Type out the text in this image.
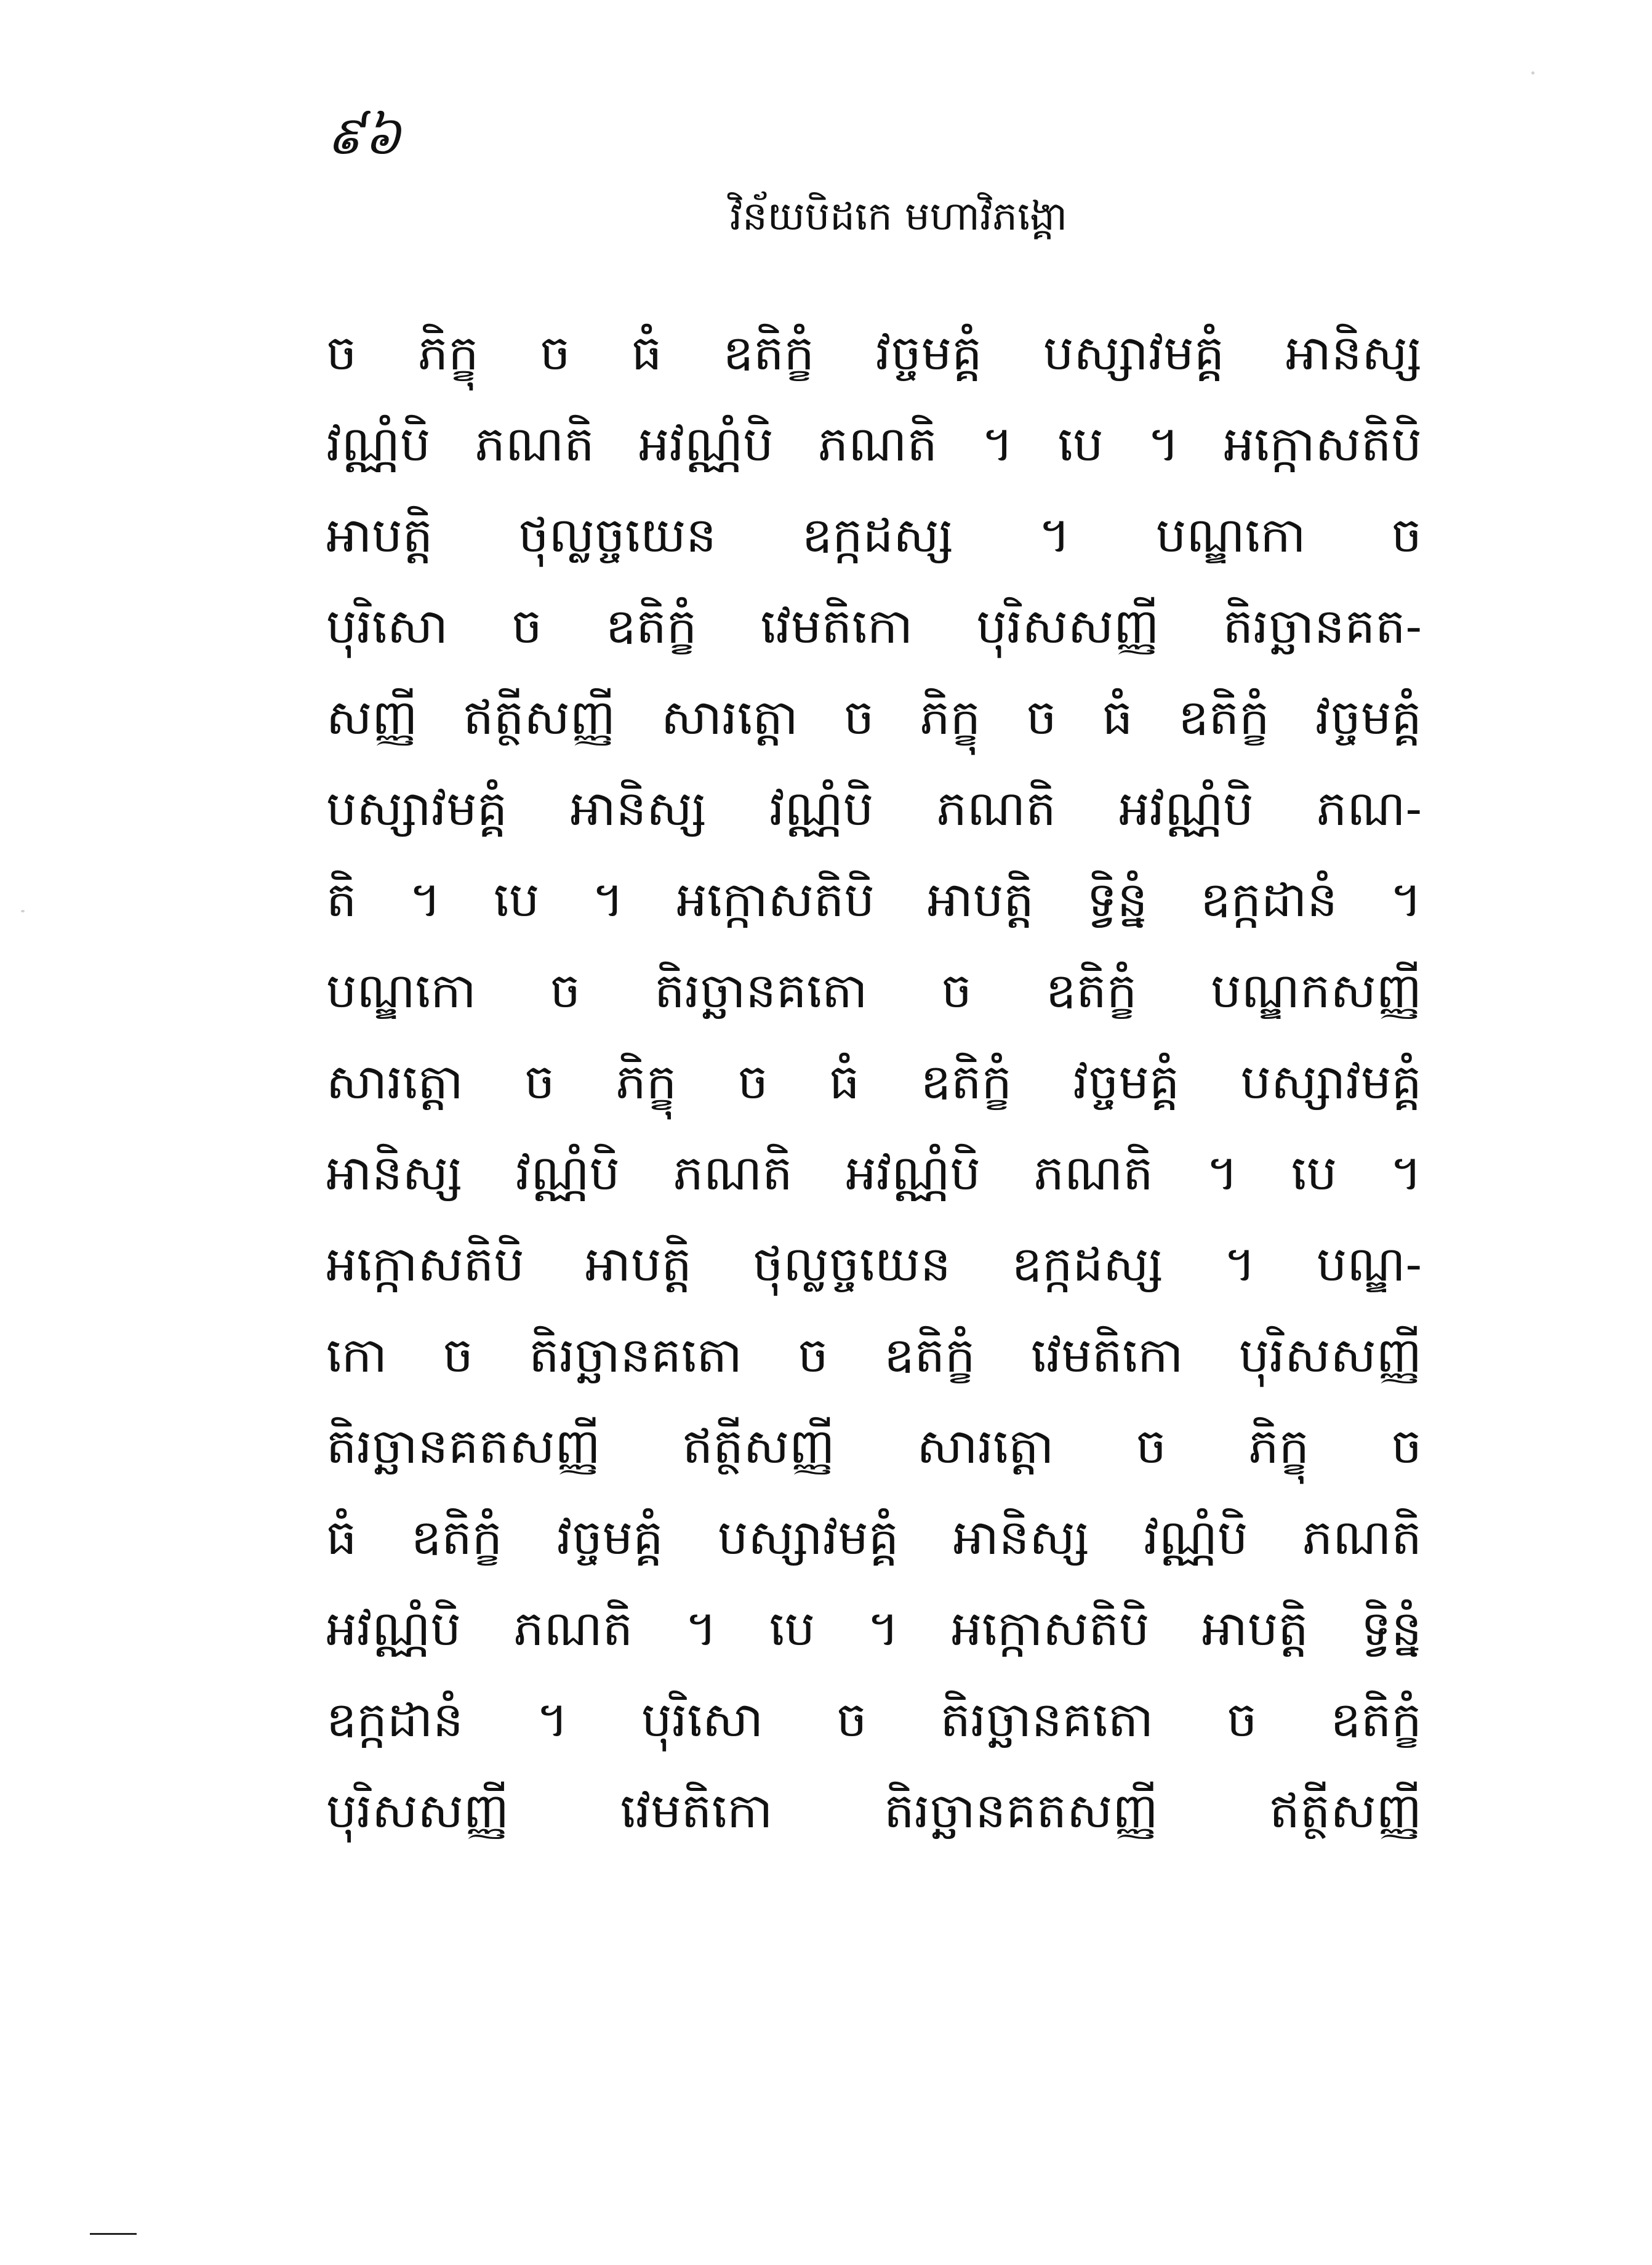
៩៦
វិន័យបិដកេ មហាវិភង្គោ
ច ភិក្ខុ ច ធំ ឧតិក្ខំ វច្ចមគ្គំ បស្សាវមគ្គំ អានិស្ស
វណ្ណំបិ ភណតិ អវណ្ណំបិ ភណតិ ។ បេ ។ អក្កោសតិបិ
អាបត្តិ ថុល្លច្ចយេន ឧក្កដស្ស ។ បណ្ឌកោ ច
បុរិសោ ច ឧតិក្ខំ វេមតិកោ បុរិសសញ្ញី តិរច្ឆានគត-
សញ្ញី ឥត្ថីសញ្ញី សារត្តោ ច ភិក្ខុ ច ធំ ឧតិក្ខំ វច្ចមគ្គំ
បស្សាវមគ្គំ អានិស្ស វណ្ណំបិ ភណតិ អវណ្ណំបិ ភណ-
តិ ។ បេ ។ អក្កោសតិបិ អាបត្តិ ទ្វិន្នំ ឧក្កដានំ ។
បណ្ឌកោ ច តិរច្ឆានគតោ ច ឧតិក្ខំ បណ្ឌកសញ្ញី
សារត្តោ ច ភិក្ខុ ច ធំ ឧតិក្ខំ វច្ចមគ្គំ បស្សាវមគ្គំ
អានិស្ស វណ្ណំបិ ភណតិ អវណ្ណំបិ ភណតិ ។ បេ ។
អក្កោសតិបិ អាបត្តិ ថុល្លច្ចយេន ឧក្កដស្ស ។ បណ្ឌ-
កោ ច តិរច្ឆានគតោ ច ឧតិក្ខំ វេមតិកោ បុរិសសញ្ញី
តិរច្ឆានគតសញ្ញី ឥត្ថីសញ្ញី សារត្តោ ច ភិក្ខុ ច
ធំ ឧតិក្ខំ វច្ចមគ្គំ បស្សាវមគ្គំ អានិស្ស វណ្ណំបិ ភណតិ
អវណ្ណំបិ ភណតិ ។ បេ ។ អក្កោសតិបិ អាបត្តិ ទ្វិន្នំ
ឧក្កដានំ ។ បុរិសោ ច តិរច្ឆានគតោ ច ឧតិក្ខំ
បុរិសសញ្ញី វេមតិកោ តិរច្ឆានគតសញ្ញី ឥត្ថីសញ្ញី
